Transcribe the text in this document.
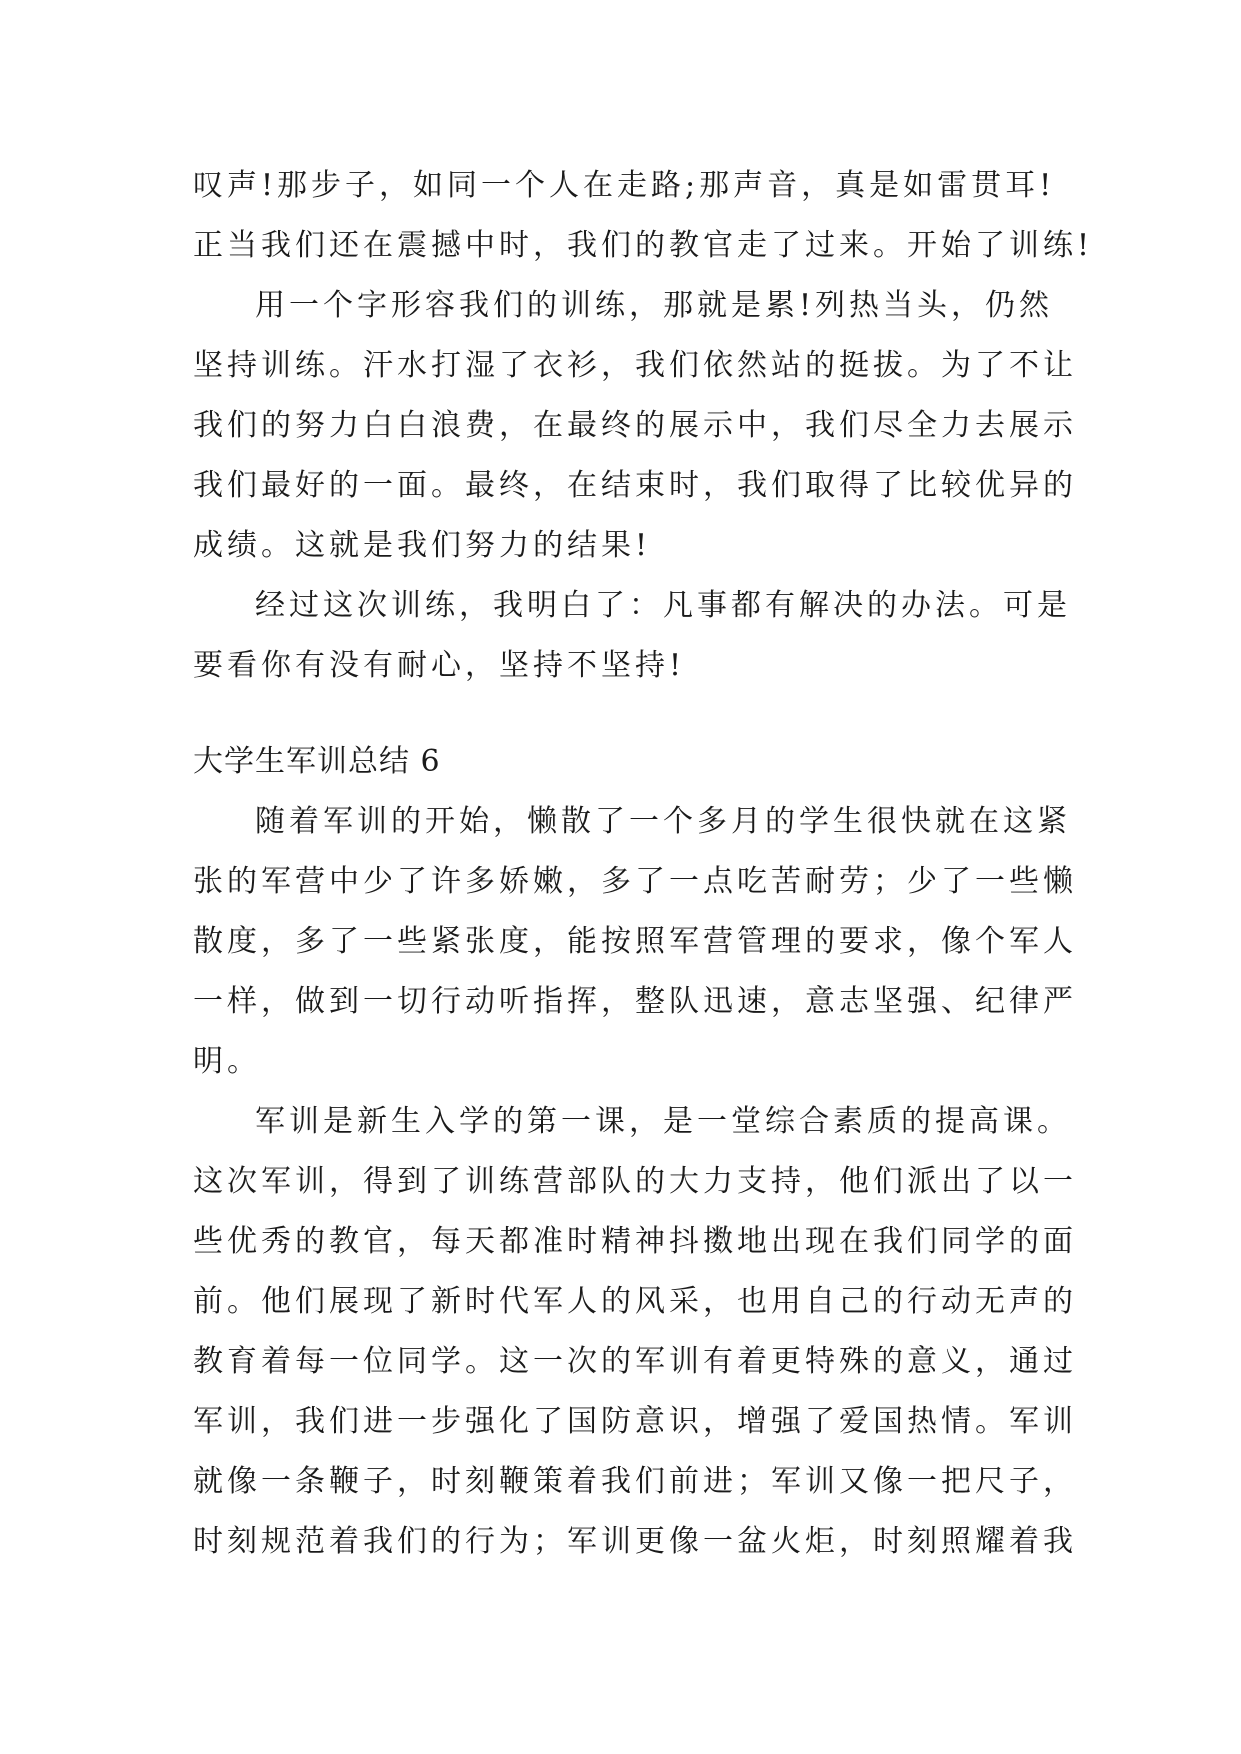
叹声!那步子，如同一个人在走路;那声音，真是如雷贯耳!
正当我们还在震撼中时，我们的教官走了过来。开始了训练!
用一个字形容我们的训练，那就是累!列热当头，仍然
坚持训练。汗水打湿了衣衫，我们依然站的挺拔。为了不让
我们的努力白白浪费，在最终的展示中，我们尽全力去展示
我们最好的一面。最终，在结束时，我们取得了比较优异的
成绩。这就是我们努力的结果!
经过这次训练，我明白了：凡事都有解决的办法。可是
要看你有没有耐心，坚持不坚持!
大学生军训总结 6
随着军训的开始，懒散了一个多月的学生很快就在这紧
张的军营中少了许多娇嫩，多了一点吃苦耐劳；少了一些懒
散度，多了一些紧张度，能按照军营管理的要求，像个军人
一样，做到一切行动听指挥，整队迅速，意志坚强、纪律严
明。
军训是新生入学的第一课，是一堂综合素质的提高课。
这次军训，得到了训练营部队的大力支持，他们派出了以一
些优秀的教官，每天都准时精神抖擞地出现在我们同学的面
前。他们展现了新时代军人的风采，也用自己的行动无声的
教育着每一位同学。这一次的军训有着更特殊的意义，通过
军训，我们进一步强化了国防意识，增强了爱国热情。军训
就像一条鞭子，时刻鞭策着我们前进；军训又像一把尺子，
时刻规范着我们的行为；军训更像一盆火炬，时刻照耀着我
